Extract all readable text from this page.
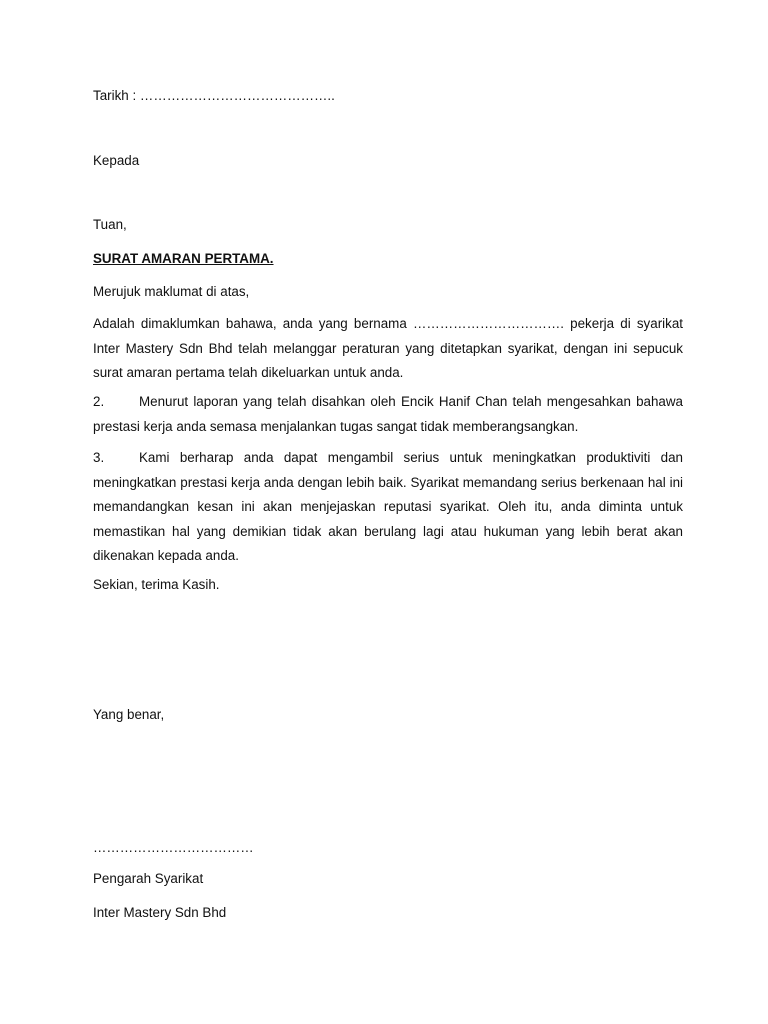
Tarikh : ……………………………………..
Kepada
Tuan,
SURAT AMARAN PERTAMA.
Merujuk maklumat di atas,
Adalah dimaklumkan bahawa, anda yang bernama ……………………………. pekerja di syarikat Inter Mastery Sdn Bhd telah melanggar peraturan yang ditetapkan syarikat, dengan ini sepucuk surat amaran pertama telah dikeluarkan untuk anda.
2.	Menurut laporan yang telah disahkan oleh Encik Hanif Chan telah mengesahkan bahawa prestasi kerja anda semasa menjalankan tugas sangat tidak memberangsangkan.
3.	Kami berharap anda dapat mengambil serius untuk meningkatkan produktiviti dan meningkatkan prestasi kerja anda dengan lebih baik. Syarikat memandang serius berkenaan hal ini memandangkan kesan ini akan menjejaskan reputasi syarikat. Oleh itu, anda diminta untuk memastikan hal yang demikian tidak akan berulang lagi atau hukuman yang lebih berat akan dikenakan kepada anda.
Sekian, terima Kasih.
Yang benar,
………………………………
Pengarah Syarikat
Inter Mastery Sdn Bhd
